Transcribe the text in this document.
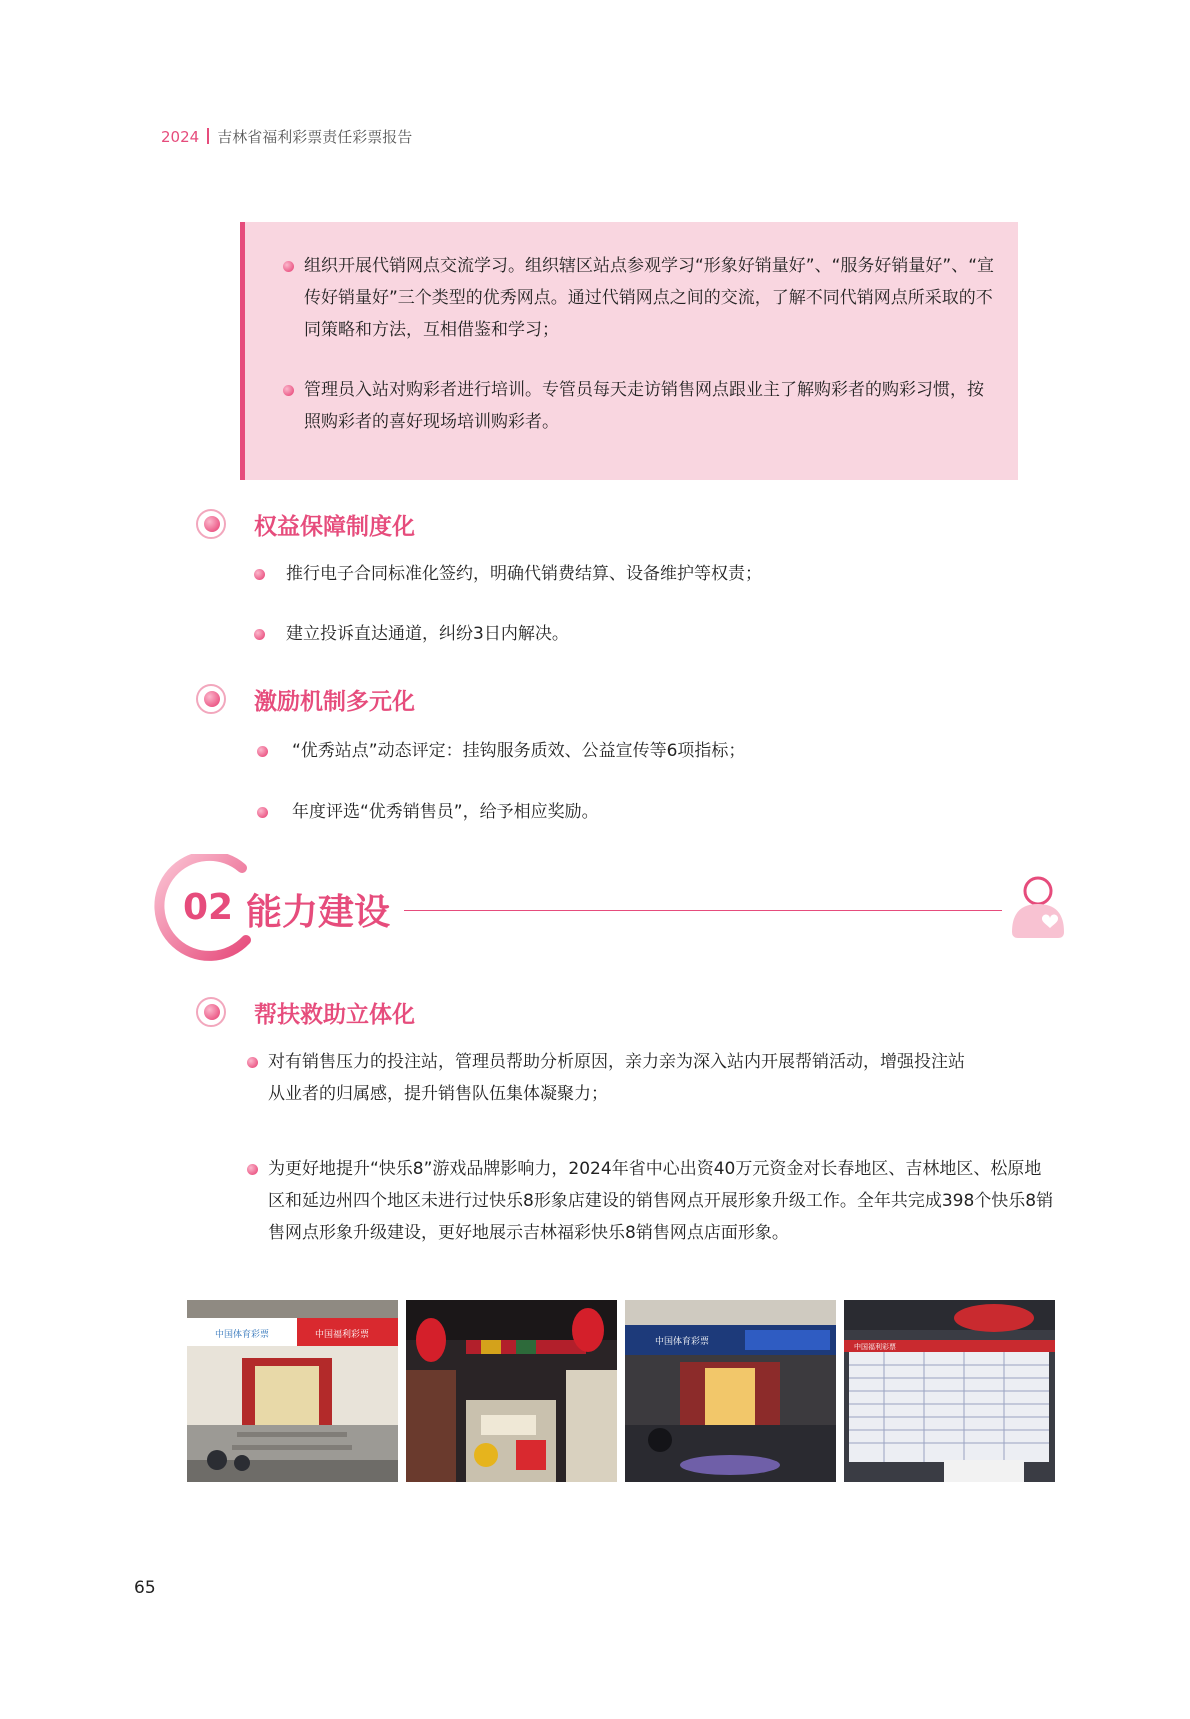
2024 吉林省福利彩票责任彩票报告
组织开展代销网点交流学习。组织辖区站点参观学习“形象好销量好”、“服务好销量好”、“宣传好销量好”三个类型的优秀网点。通过代销网点之间的交流，了解不同代销网点所采取的不同策略和方法，互相借鉴和学习；
管理员入站对购彩者进行培训。专管员每天走访销售网点跟业主了解购彩者的购彩习惯，按照购彩者的喜好现场培训购彩者。
权益保障制度化
推行电子合同标准化签约，明确代销费结算、设备维护等权责；
建立投诉直达通道，纠纷3日内解决。
激励机制多元化
“优秀站点”动态评定：挂钩服务质效、公益宣传等6项指标；
年度评选“优秀销售员”，给予相应奖励。
02 能力建设
帮扶救助立体化
对有销售压力的投注站，管理员帮助分析原因，亲力亲为深入站内开展帮销活动，增强投注站从业者的归属感，提升销售队伍集体凝聚力；
为更好地提升“快乐8”游戏品牌影响力，2024年省中心出资40万元资金对长春地区、吉林地区、松原地区和延边州四个地区未进行过快乐8形象店建设的销售网点开展形象升级工作。全年共完成398个快乐8销售网点形象升级建设，更好地展示吉林福彩快乐8销售网点店面形象。
中国体育彩票	中国福利彩票
中国体育彩票	中国福利彩票
65
